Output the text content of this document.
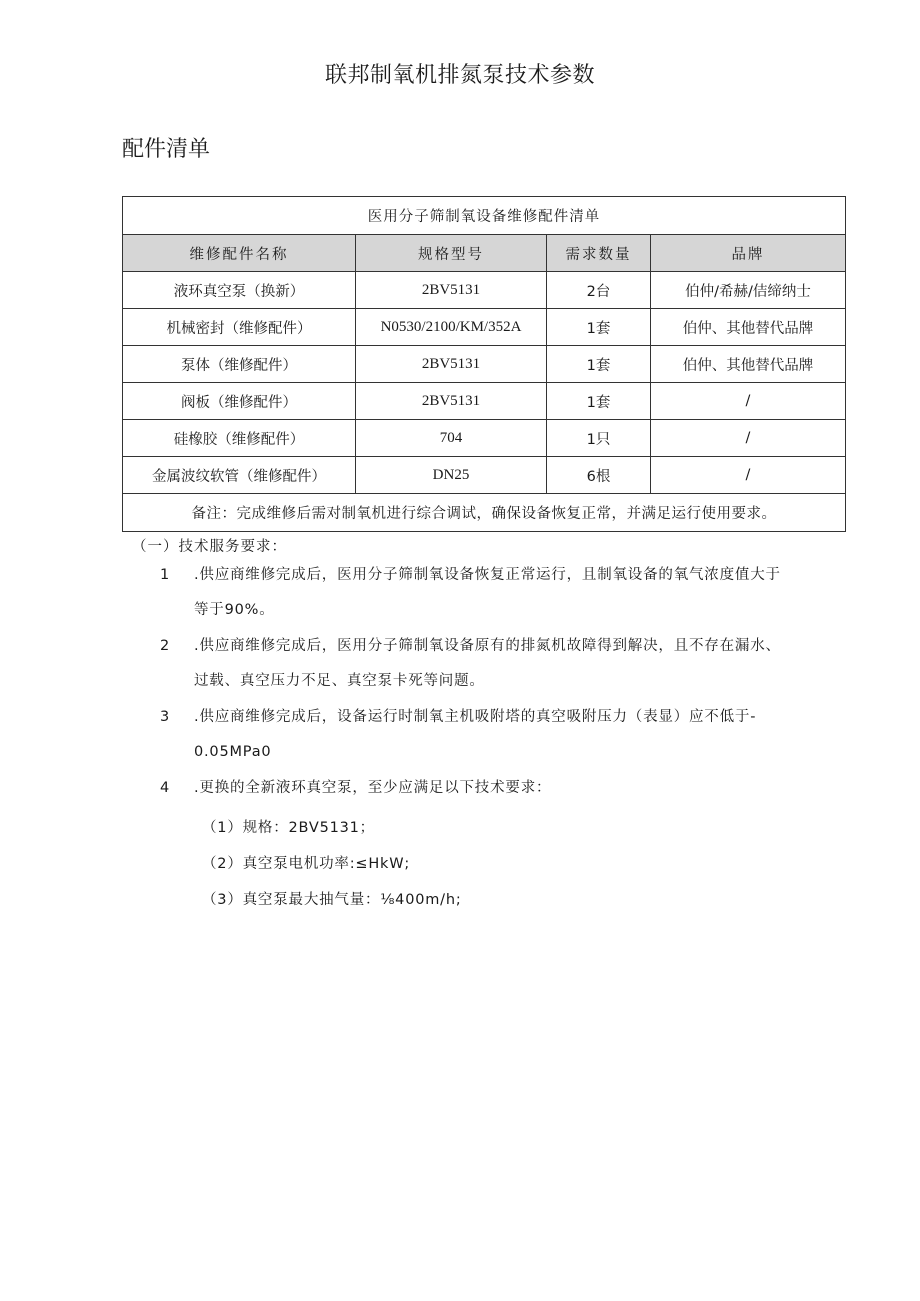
联邦制氧机排氮泵技术参数
配件清单
医用分子筛制氧设备维修配件清单			
维修配件名称	规格型号	需求数量	品牌
液环真空泵（换新）	2BV5131	2台	伯仲/希赫/佶缔纳士
机械密封（维修配件）	N0530/2100/KM/352A	1套	伯仲、其他替代品牌
泵体（维修配件）	2BV5131	1套	伯仲、其他替代品牌
阀板（维修配件）	2BV5131	1套	/
硅橡胶（维修配件）	704	1只	/
金属波纹软管（维修配件）	DN25	6根	/
备注：完成维修后需对制氧机进行综合调试，确保设备恢复正常，并满足运行使用要求。			
（一）技术服务要求：
1 .供应商维修完成后，医用分子筛制氧设备恢复正常运行，且制氧设备的氧气浓度值大于
等于90%。
2 .供应商维修完成后，医用分子筛制氧设备原有的排氮机故障得到解决，且不存在漏水、
过载、真空压力不足、真空泵卡死等问题。
3 .供应商维修完成后，设备运行时制氧主机吸附塔的真空吸附压力（表显）应不低于-
0.05MPa0
4 .更换的全新液环真空泵，至少应满足以下技术要求：
（1）规格：2BV5131；
（2）真空泵电机功率:≤HkW;
（3）真空泵最大抽气量：⅛400m∕h;
